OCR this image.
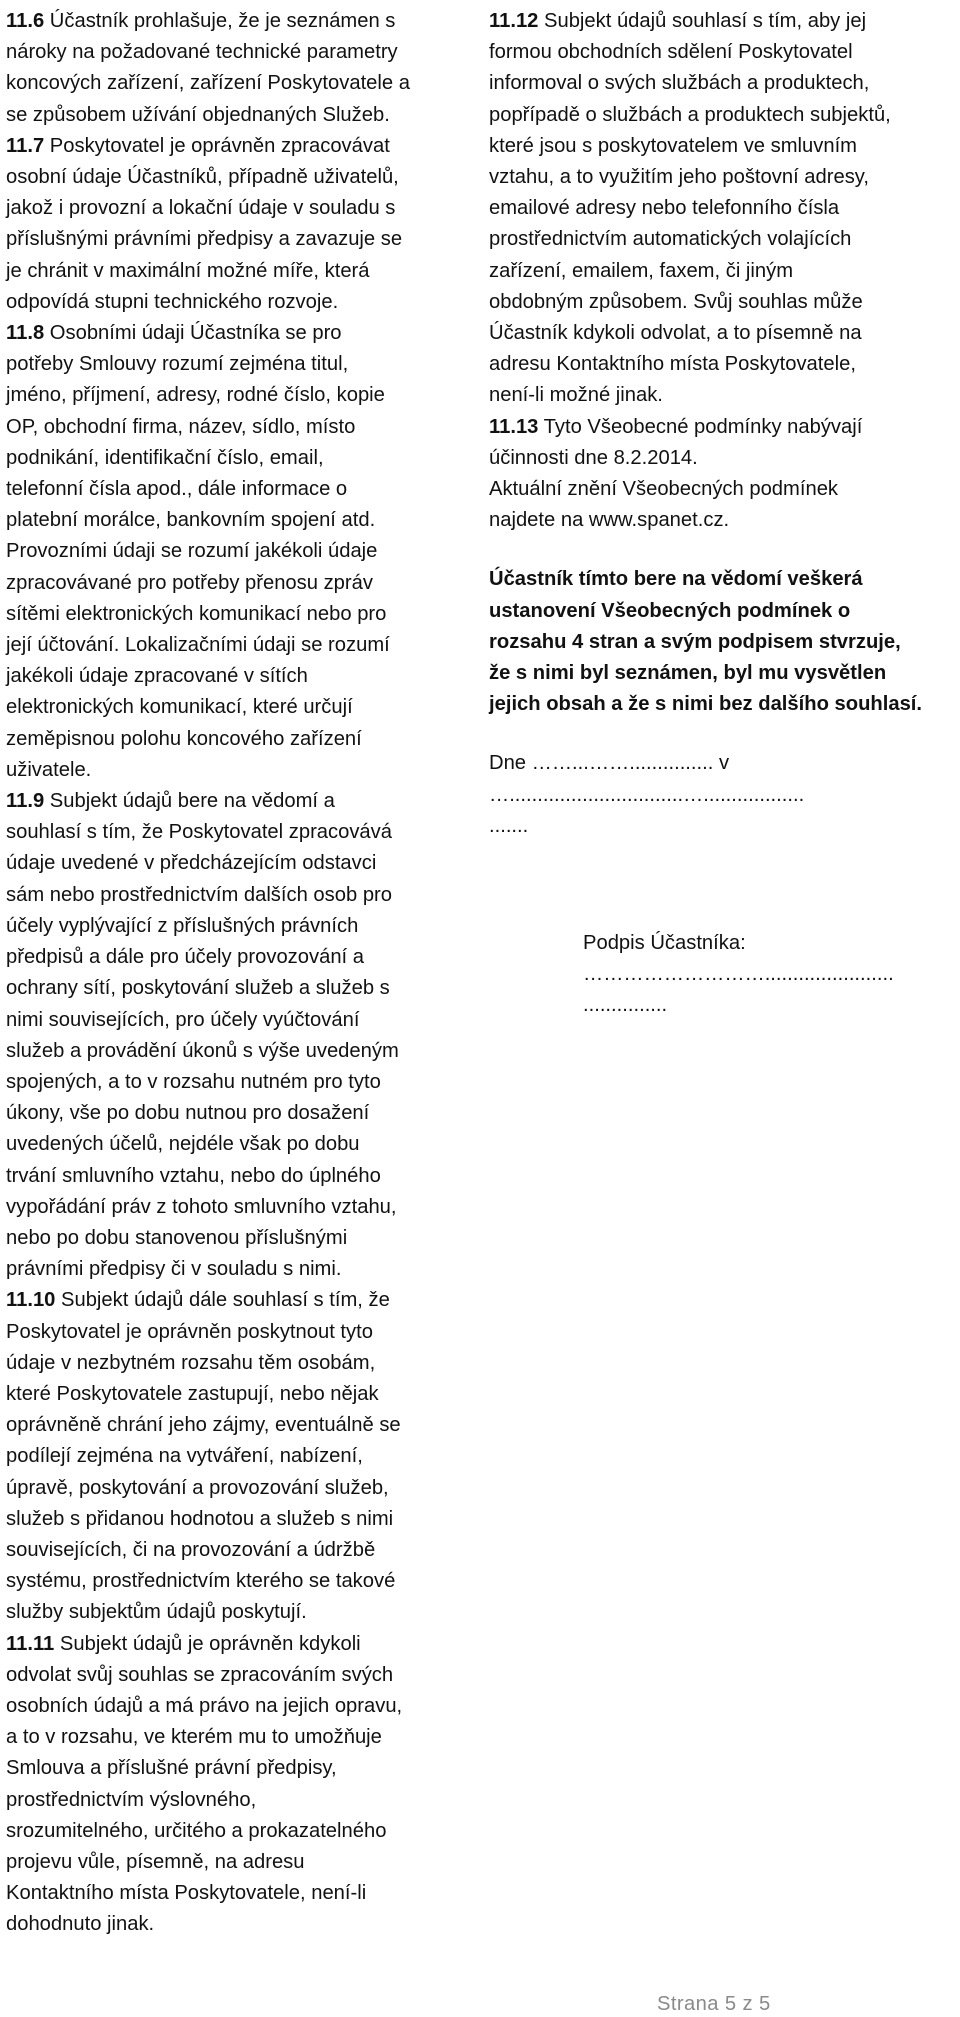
11.6 Účastník prohlašuje, že je seznámen s
nároky na požadované technické parametry
koncových zařízení, zařízení Poskytovatele a
se způsobem užívání objednaných Služeb.

11.7 Poskytovatel je oprávněn zpracovávat
osobní údaje Účastníků, případně uživatelů,
jakož i provozní a lokační údaje v souladu s
příslušnými právními předpisy a zavazuje se
je chránit v maximální možné míře, která
odpovídá stupni technického rozvoje.

11.8 Osobními údaji Účastníka se pro
potřeby Smlouvy rozumí zejména titul,
jméno, příjmení, adresy, rodné číslo, kopie
OP, obchodní firma, název, sídlo, místo
podnikání, identifikační číslo, email,
telefonní čísla apod., dále informace o
platební morálce, bankovním spojení atd.
Provozními údaji se rozumí jakékoli údaje
zpracovávané pro potřeby přenosu zpráv
sítěmi elektronických komunikací nebo pro
její účtování. Lokalizačními údaji se rozumí
jakékoli údaje zpracované v sítích
elektronických komunikací, které určují
zeměpisnou polohu koncového zařízení
uživatele.

11.9 Subjekt údajů bere na vědomí a
souhlasí s tím, že Poskytovatel zpracovává
údaje uvedené v předcházejícím odstavci
sám nebo prostřednictvím dalších osob pro
účely vyplývající z příslušných právních
předpisů a dále pro účely provozování a
ochrany sítí, poskytování služeb a služeb s
nimi souvisejících, pro účely vyúčtování
služeb a provádění úkonů s výše uvedeným
spojených, a to v rozsahu nutném pro tyto
úkony, vše po dobu nutnou pro dosažení
uvedených účelů, nejdéle však po dobu
trvání smluvního vztahu, nebo do úplného
vypořádání práv z tohoto smluvního vztahu,
nebo po dobu stanovenou příslušnými
právními předpisy či v souladu s nimi.

11.10 Subjekt údajů dále souhlasí s tím, že
Poskytovatel je oprávněn poskytnout tyto
údaje v nezbytném rozsahu těm osobám,
které Poskytovatele zastupují, nebo nějak
oprávněně chrání jeho zájmy, eventuálně se
podílejí zejména na vytváření, nabízení,
úpravě, poskytování a provozování služeb,
služeb s přidanou hodnotou a služeb s nimi
souvisejících, či na provozování a údržbě
systému, prostřednictvím kterého se takové
služby subjektům údajů poskytují.

11.11 Subjekt údajů je oprávněn kdykoli
odvolat svůj souhlas se zpracováním svých
osobních údajů a má právo na jejich opravu,
a to v rozsahu, ve kterém mu to umožňuje
Smlouva a příslušné právní předpisy,
prostřednictvím výslovného,
srozumitelného, určitého a prokazatelného
projevu vůle, písemně, na adresu
Kontaktního místa Poskytovatele, není-li
dohodnuto jinak.

11.12 Subjekt údajů souhlasí s tím, aby jej
formou obchodních sdělení Poskytovatel
informoval o svých službách a produktech,
popřípadě o službách a produktech subjektů,
které jsou s poskytovatelem ve smluvním
vztahu, a to využitím jeho poštovní adresy,
emailové adresy nebo telefonního čísla
prostřednictvím automatických volajících
zařízení, emailem, faxem, či jiným
obdobným způsobem. Svůj souhlas může
Účastník kdykoli odvolat, a to písemně na
adresu Kontaktního místa Poskytovatele,
není-li možné jinak.

11.13 Tyto Všeobecné podmínky nabývají
účinnosti dne 8.2.2014.

Aktuální znění Všeobecných podmínek
najdete na www.spanet.cz.

Účastník tímto bere na vědomí veškerá
ustanovení Všeobecných podmínek o
rozsahu 4 stran a svým podpisem stvrzuje,
že s nimi byl seznámen, byl mu vysvětlen
jejich obsah a že s nimi bez dalšího souhlasí.

Dne ……...……............... v
…...............................…..................
.......

Podpis Účastníka:
……………………….......................
...............

Strana 5 z 5
